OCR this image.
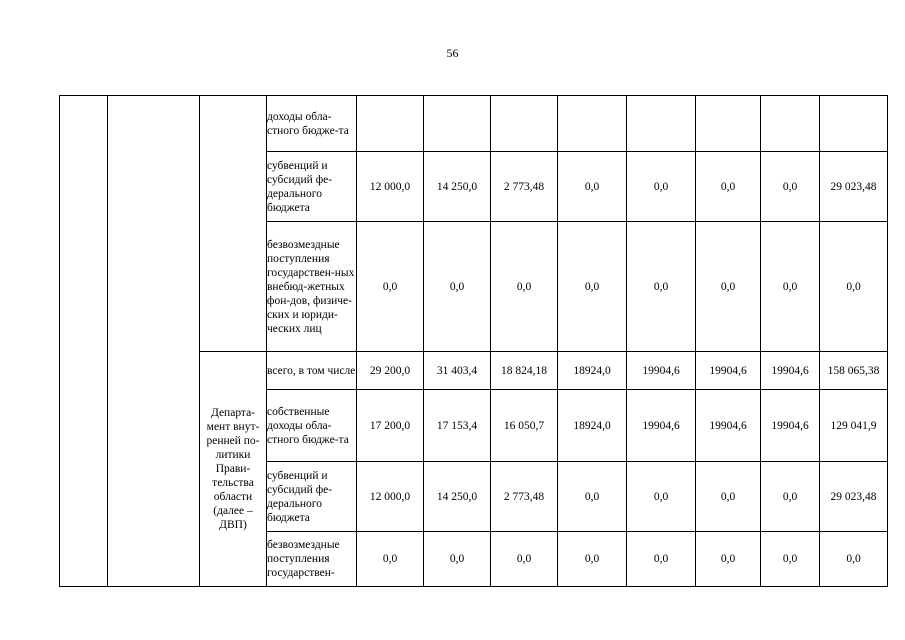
56
			доходы обла-стного бюдже-та								
			субвенций и субсидий фе-дерального бюджета	12 000,0	14 250,0	2 773,48	0,0	0,0	0,0	0,0	29 023,48
			безвозмездные поступления государствен-ных внебюд-жетных фон-дов, физиче-ских и юриди-ческих лиц	0,0	0,0	0,0	0,0	0,0	0,0	0,0	0,0
		Департа-мент внут-ренней по-литики Прави-тельства области (далее – ДВП)	всего, в том числе	29 200,0	31 403,4	18 824,18	18924,0	19904,6	19904,6	19904,6	158 065,38
			собственные доходы обла-стного бюдже-та	17 200,0	17 153,4	16 050,7	18924,0	19904,6	19904,6	19904,6	129 041,9
			субвенций и субсидий фе-дерального бюджета	12 000,0	14 250,0	2 773,48	0,0	0,0	0,0	0,0	29 023,48
			безвозмездные поступления государствен-	0,0	0,0	0,0	0,0	0,0	0,0	0,0	0,0
